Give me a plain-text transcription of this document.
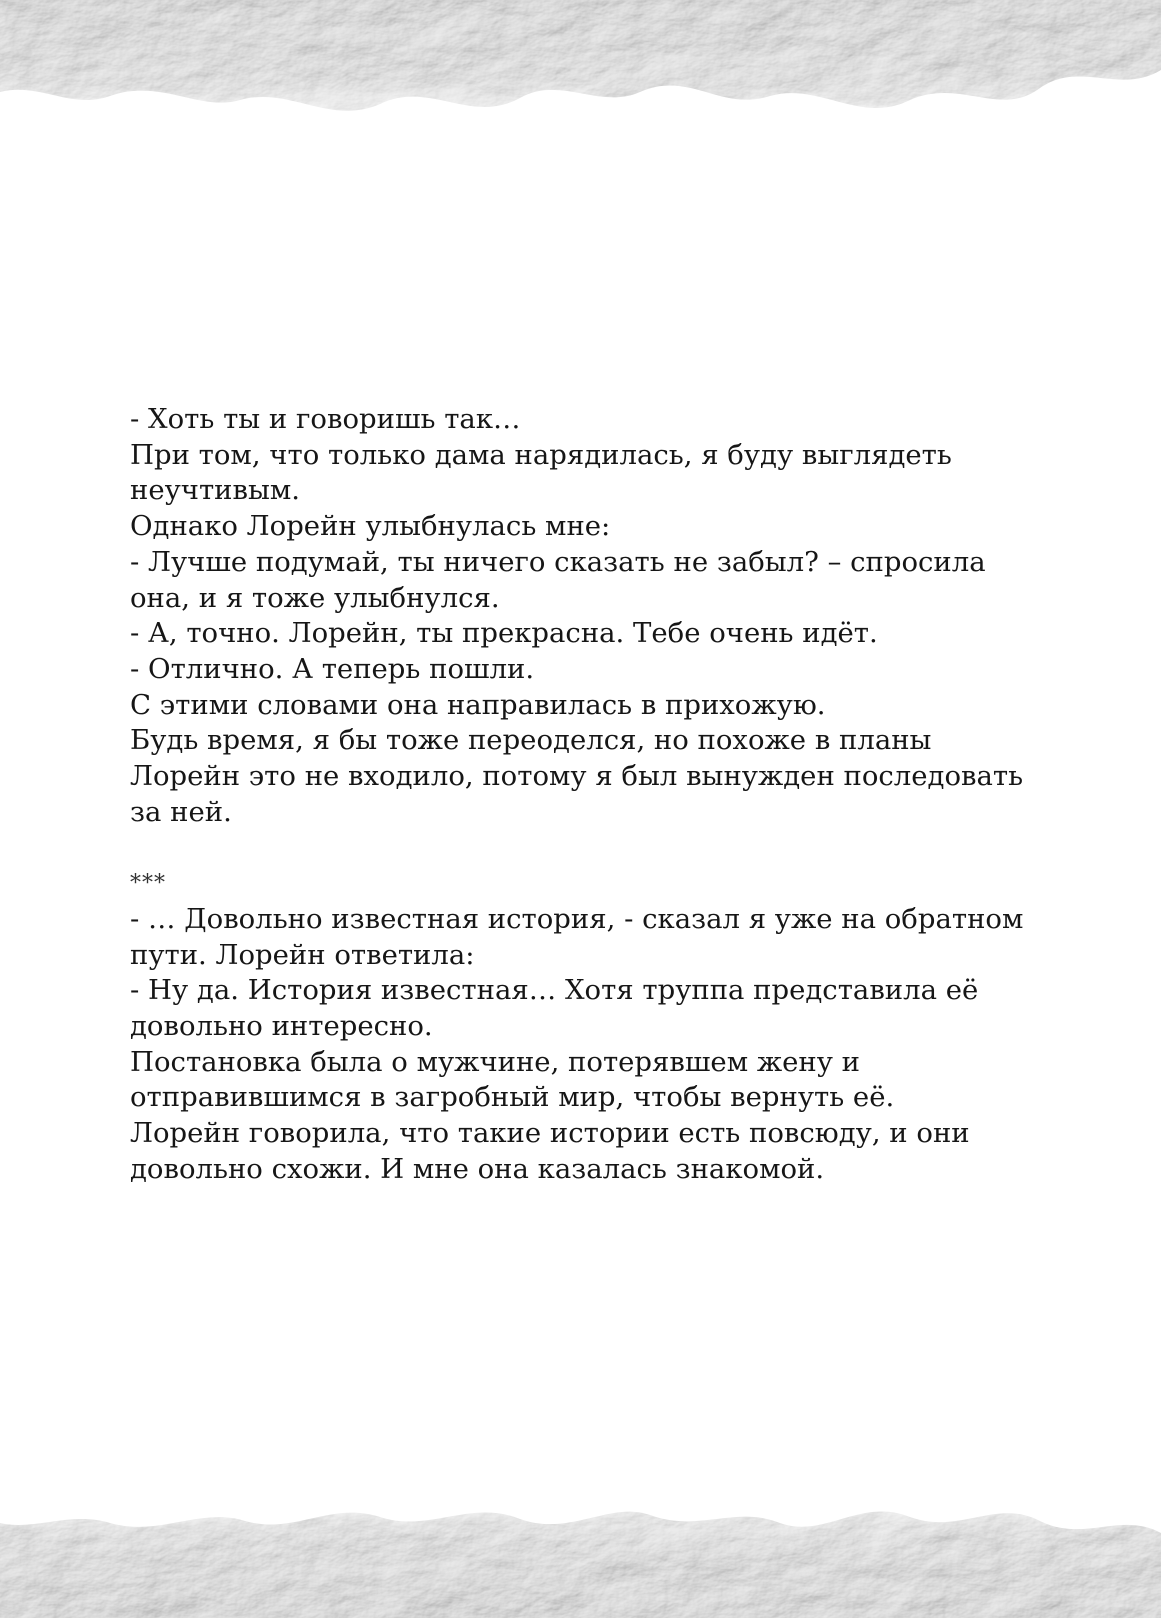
- Хоть ты и говоришь так…

При том, что только дама нарядилась, я буду выглядеть неучтивым.

Однако Лорейн улыбнулась мне:

- Лучше подумай, ты ничего сказать не забыл? – спросила она, и я тоже улыбнулся.

- А, точно. Лорейн, ты прекрасна. Тебе очень идёт.

- Отлично. А теперь пошли.

С этими словами она направилась в прихожую.

Будь время, я бы тоже переоделся, но похоже в планы Лорейн это не входило, потому я был вынужден последовать за ней.

***

- … Довольно известная история, - сказал я уже на обратном пути. Лорейн ответила:

- Ну да. История известная… Хотя труппа представила её довольно интересно.

Постановка была о мужчине, потерявшем жену и отправившимся в загробный мир, чтобы вернуть её.

Лорейн говорила, что такие истории есть повсюду, и они довольно схожи. И мне она казалась знакомой.
